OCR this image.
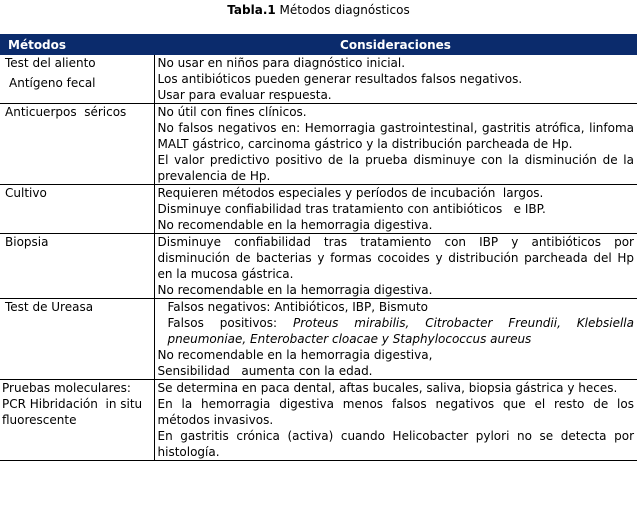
Tabla.1 Métodos diagnósticos
Métodos	Consideraciones

Test del aliento
Antígeno fecal	No usar en niños para diagnóstico inicial.
Los antibióticos pueden generar resultados falsos negativos.
Usar para evaluar respuesta.

Anticuerpos  séricos	No útil con fines clínicos.
No falsos negativos en: Hemorragia gastrointestinal, gastritis atrófica, linfoma MALT gástrico, carcinoma gástrico y la distribución parcheada de Hp.
El valor predictivo positivo de la prueba disminuye con la disminución de la prevalencia de Hp.

Cultivo	Requieren métodos especiales y períodos de incubación  largos.
Disminuye confiabilidad tras tratamiento con antibióticos   e IBP.
No recomendable en la hemorragia digestiva.

Biopsia	Disminuye confiabilidad tras tratamiento con IBP y antibióticos por disminución de bacterias y formas cocoides y distribución parcheada del Hp en la mucosa gástrica.
No recomendable en la hemorragia digestiva.

Test de Ureasa	Falsos negativos: Antibióticos, IBP, Bismuto
Falsos positivos: Proteus mirabilis, Citrobacter Freundii, Klebsiella pneumoniae, Enterobacter cloacae y Staphylococcus aureus
No recomendable en la hemorragia digestiva,
Sensibilidad   aumenta con la edad.

Pruebas moleculares: PCR Hibridación  in situ fluorescente	Se determina en paca dental, aftas bucales, saliva, biopsia gástrica y heces.
En la hemorragia digestiva menos falsos negativos que el resto de los métodos invasivos.
En gastritis crónica (activa) cuando Helicobacter pylori no se detecta por histología.
